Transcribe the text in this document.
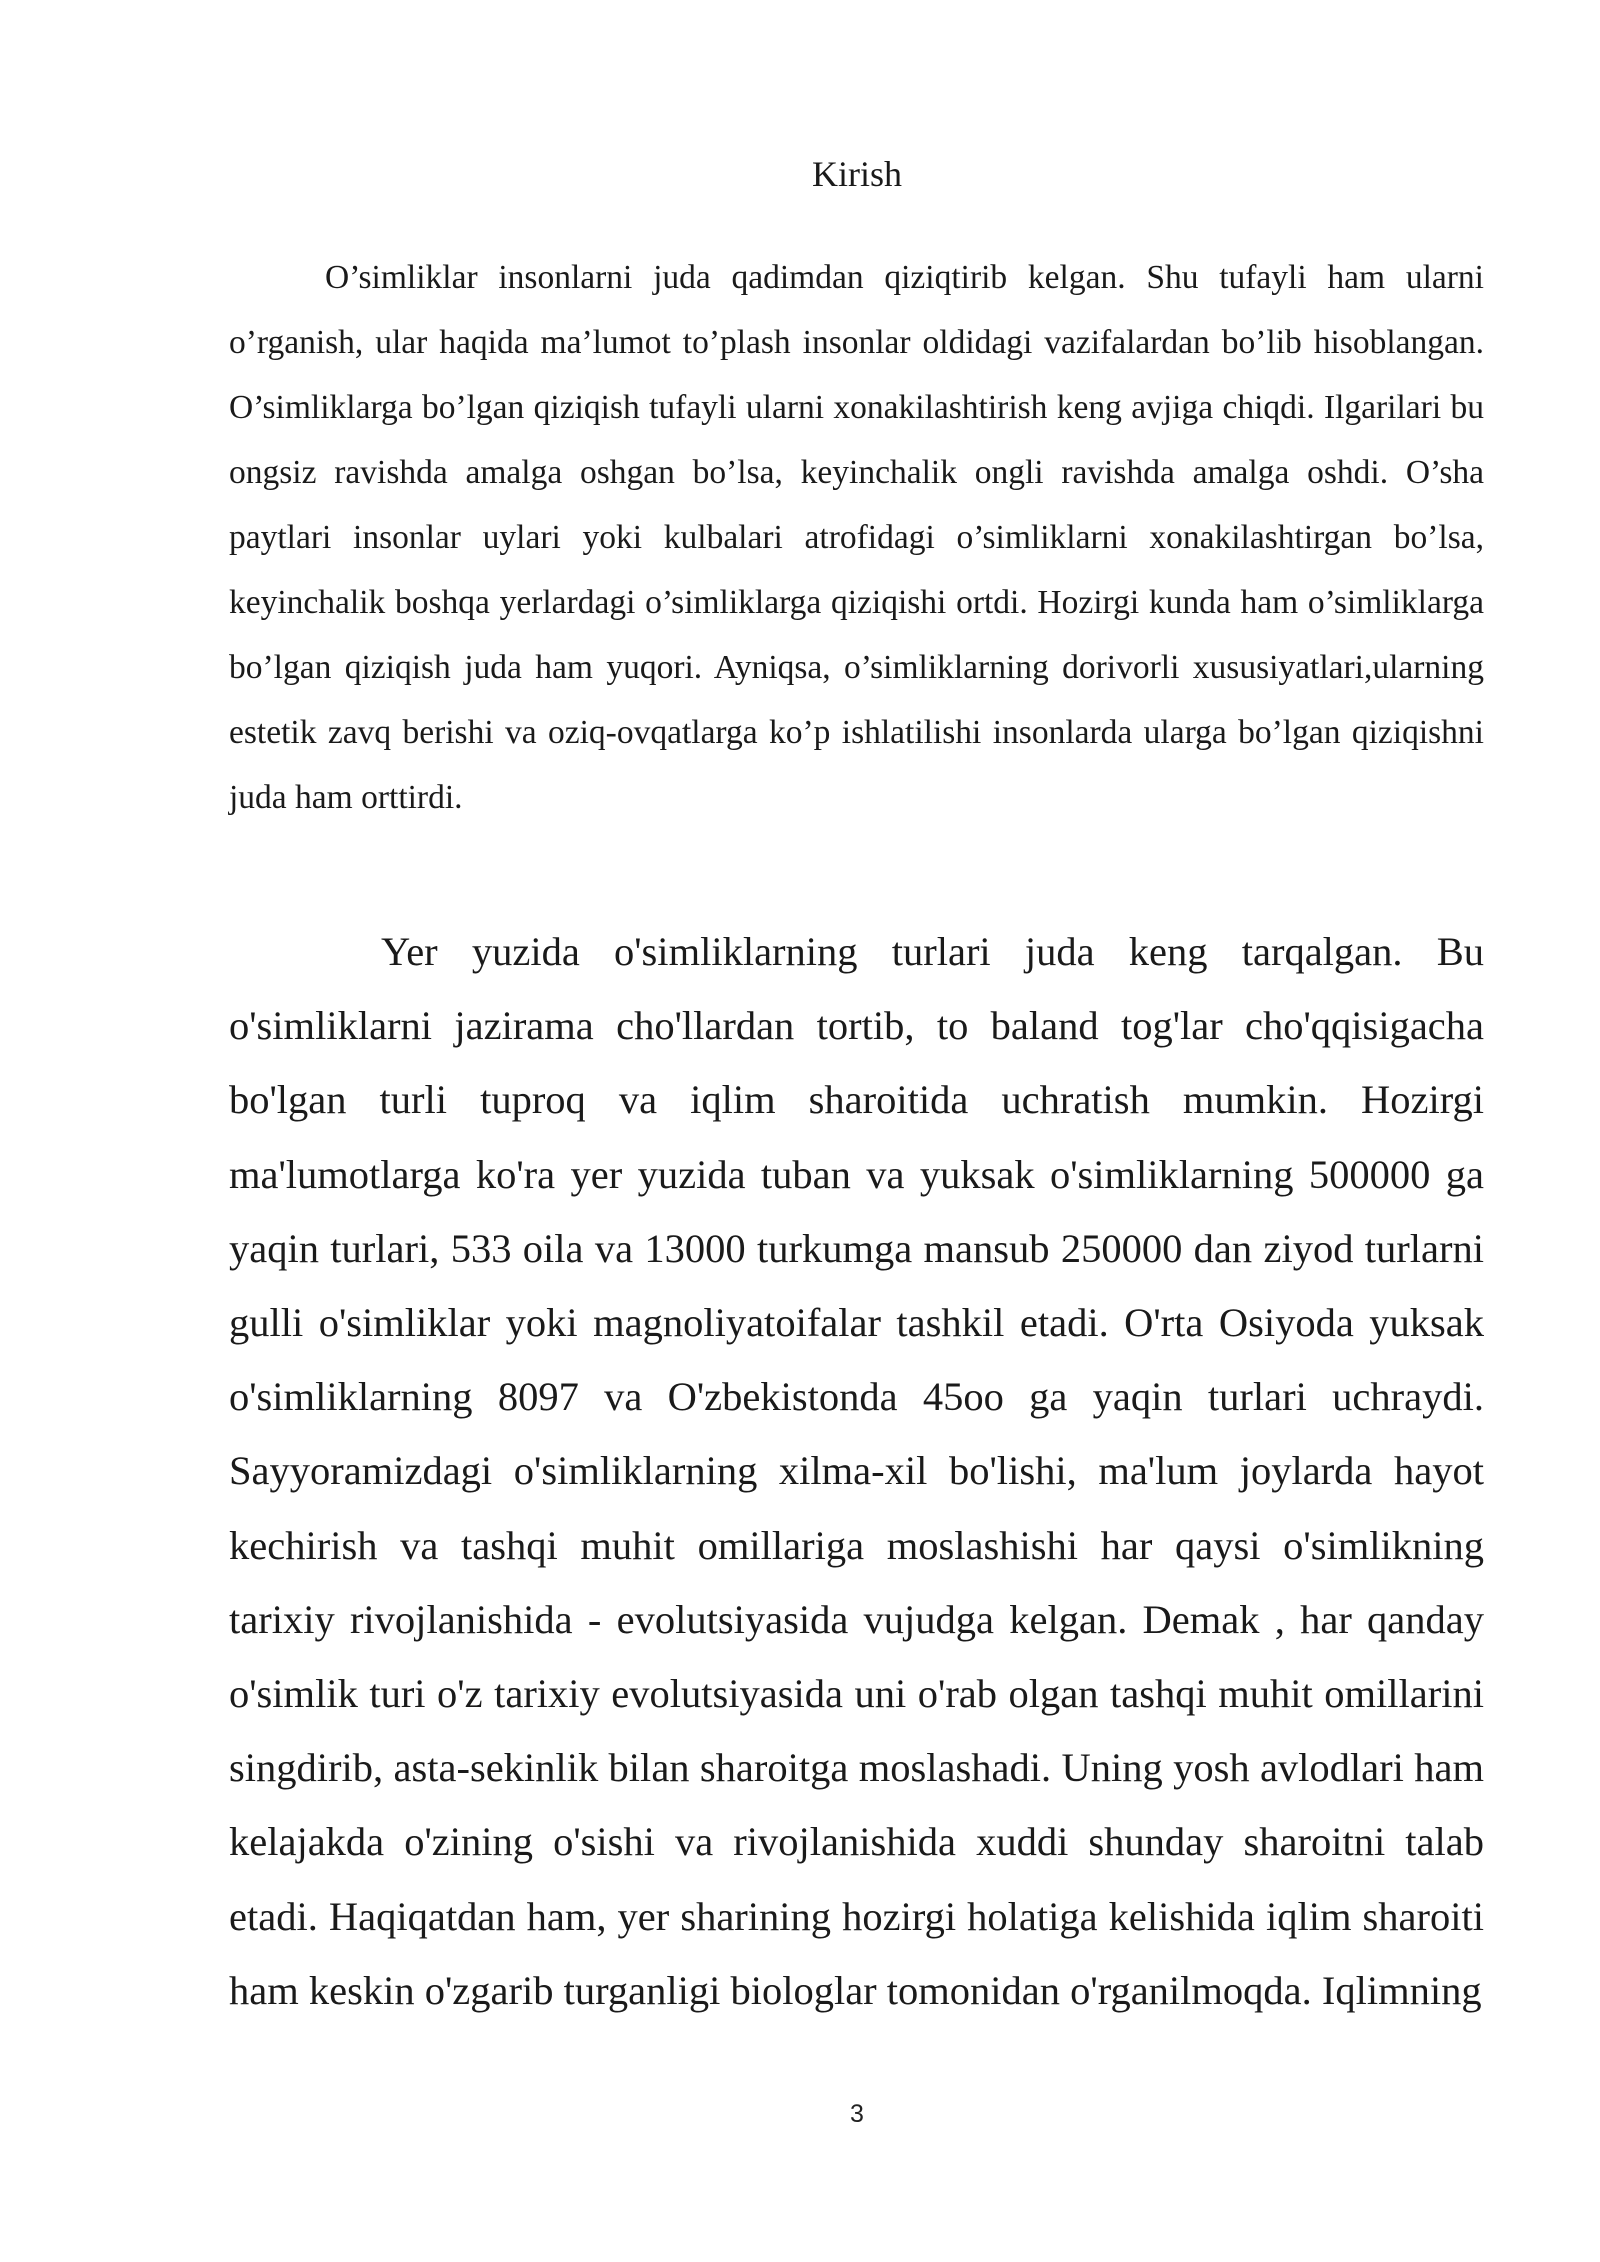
Kirish

O’simliklar insonlarni juda qadimdan qiziqtirib kelgan. Shu tufayli ham ularni o’rganish, ular haqida ma’lumot to’plash insonlar oldidagi vazifalardan bo’lib hisoblangan. O’simliklarga bo’lgan qiziqish tufayli ularni xonakilashtirish keng avjiga chiqdi. Ilgarilari bu ongsiz ravishda amalga oshgan bo’lsa, keyinchalik ongli ravishda amalga oshdi. O’sha paytlari insonlar uylari yoki kulbalari atrofidagi o’simliklarni xonakilashtirgan bo’lsa, keyinchalik boshqa yerlardagi o’simliklarga qiziqishi ortdi. Hozirgi kunda ham o’simliklarga bo’lgan qiziqish juda ham yuqori. Ayniqsa, o’simliklarning dorivorli xususiyatlari,ularning estetik zavq berishi va oziq-ovqatlarga ko’p ishlatilishi insonlarda ularga bo’lgan qiziqishni juda ham orttirdi.

Yer yuzida o'simliklarning turlari juda keng tarqalgan. Bu o'simliklarni jazirama cho'llardan tortib, to baland tog'lar cho'qqisigacha bo'lgan turli tuproq va iqlim sharoitida uchratish mumkin. Hozirgi ma'lumotlarga ko'ra yer yuzida tuban va yuksak o'simliklarning 500000 ga yaqin turlari, 533 oila va 13000 turkumga mansub 250000 dan ziyod turlarni gulli o'simliklar yoki magnoliyatoifalar tashkil etadi. O'rta Osiyoda yuksak o'simliklarning 8097 va O'zbekistonda 45oo ga yaqin turlari uchraydi. Sayyoramizdagi o'simliklarning xilma-xil bo'lishi, ma'lum joylarda hayot kechirish va tashqi muhit omillariga moslashishi har qaysi o'simlikning tarixiy rivojlanishida - evolutsiyasida vujudga kelgan. Demak , har qanday o'simlik turi o'z tarixiy evolutsiyasida uni o'rab olgan tashqi muhit omillarini singdirib, asta-sekinlik bilan sharoitga moslashadi. Uning yosh avlodlari ham kelajakda o'zining o'sishi va rivojlanishida xuddi shunday sharoitni talab etadi. Haqiqatdan ham, yer sharining hozirgi holatiga kelishida iqlim sharoiti ham keskin o'zgarib turganligi biologlar tomonidan o'rganilmoqda. Iqlimning

3
